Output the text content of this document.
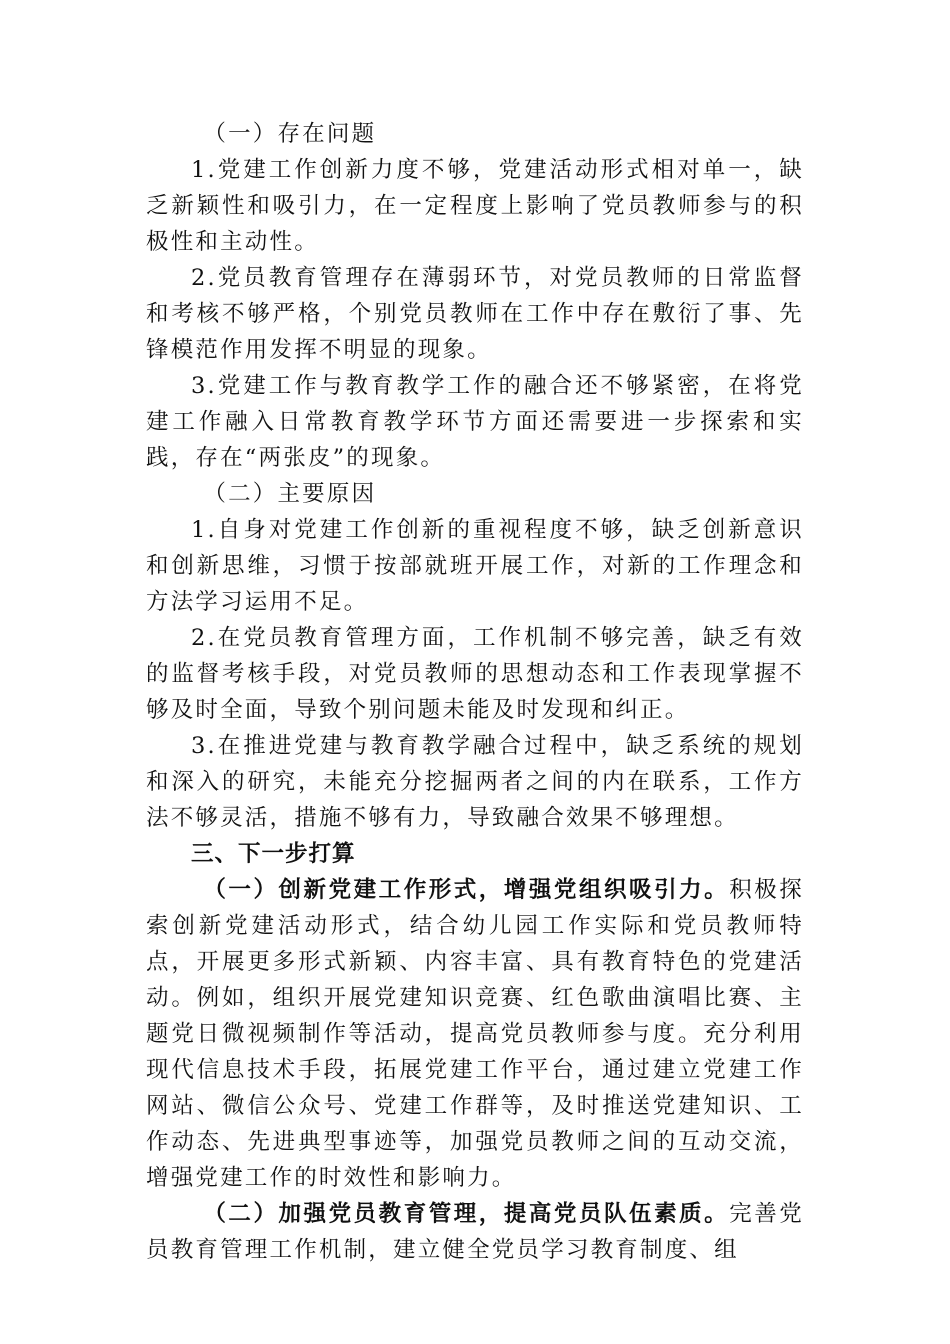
（一）存在问题

1.党建工作创新力度不够，党建活动形式相对单一，缺乏新颖性和吸引力，在一定程度上影响了党员教师参与的积极性和主动性。

2.党员教育管理存在薄弱环节，对党员教师的日常监督和考核不够严格，个别党员教师在工作中存在敷衍了事、先锋模范作用发挥不明显的现象。

3.党建工作与教育教学工作的融合还不够紧密，在将党建工作融入日常教育教学环节方面还需要进一步探索和实践，存在“两张皮”的现象。

（二）主要原因

1.自身对党建工作创新的重视程度不够，缺乏创新意识和创新思维，习惯于按部就班开展工作，对新的工作理念和方法学习运用不足。

2.在党员教育管理方面，工作机制不够完善，缺乏有效的监督考核手段，对党员教师的思想动态和工作表现掌握不够及时全面，导致个别问题未能及时发现和纠正。

3.在推进党建与教育教学融合过程中，缺乏系统的规划和深入的研究，未能充分挖掘两者之间的内在联系，工作方法不够灵活，措施不够有力，导致融合效果不够理想。

三、下一步打算

（一）创新党建工作形式，增强党组织吸引力。积极探索创新党建活动形式，结合幼儿园工作实际和党员教师特点，开展更多形式新颖、内容丰富、具有教育特色的党建活动。例如，组织开展党建知识竞赛、红色歌曲演唱比赛、主题党日微视频制作等活动，提高党员教师参与度。充分利用现代信息技术手段，拓展党建工作平台，通过建立党建工作网站、微信公众号、党建工作群等，及时推送党建知识、工作动态、先进典型事迹等，加强党员教师之间的互动交流，增强党建工作的时效性和影响力。

（二）加强党员教育管理，提高党员队伍素质。完善党员教育管理工作机制，建立健全党员学习教育制度、组
